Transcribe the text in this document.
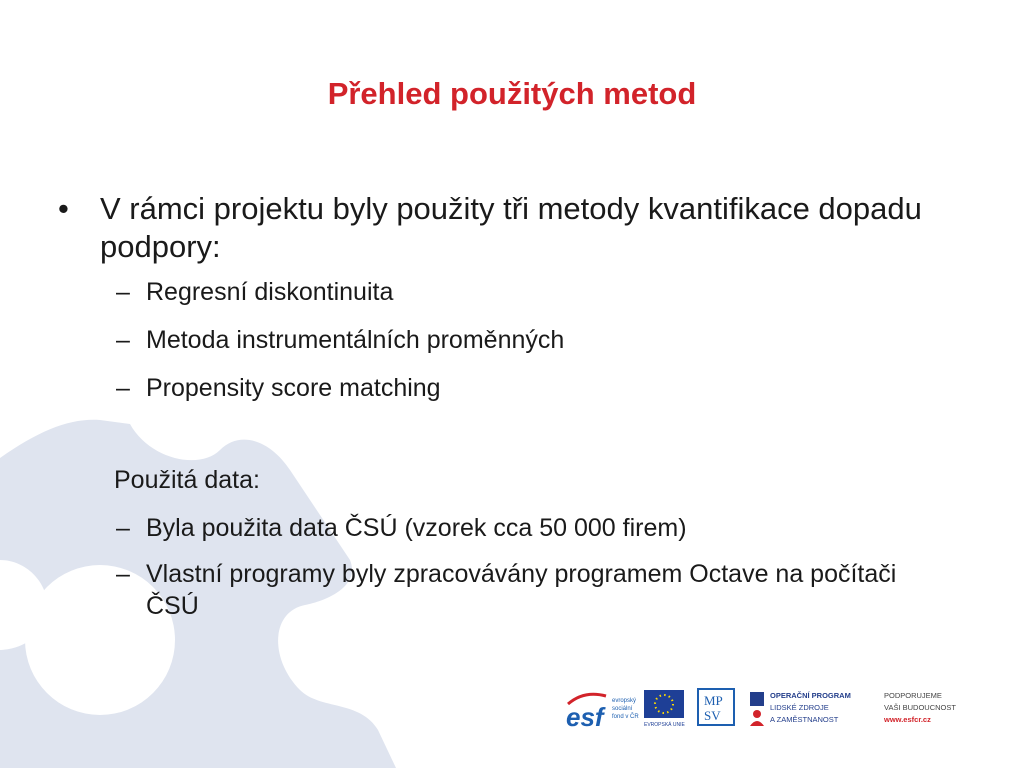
Přehled použitých metod
• V rámci projektu byly použity tři metody kvantifikace dopadu podpory:
– Regresní diskontinuita
– Metoda instrumentálních proměnných
– Propensity score matching
Použitá data:
– Byla použita data ČSÚ (vzorek cca 50 000 firem)
– Vlastní programy byly zpracovávány programem Octave na počítači ČSÚ
esf
evropský
sociální
fond v ČR
EVROPSKÁ UNIE
MP
SV
OPERAČNÍ PROGRAM
LIDSKÉ ZDROJE
A ZAMĚSTNANOST
PODPORUJEME
VAŠI BUDOUCNOST
www.esfcr.cz
